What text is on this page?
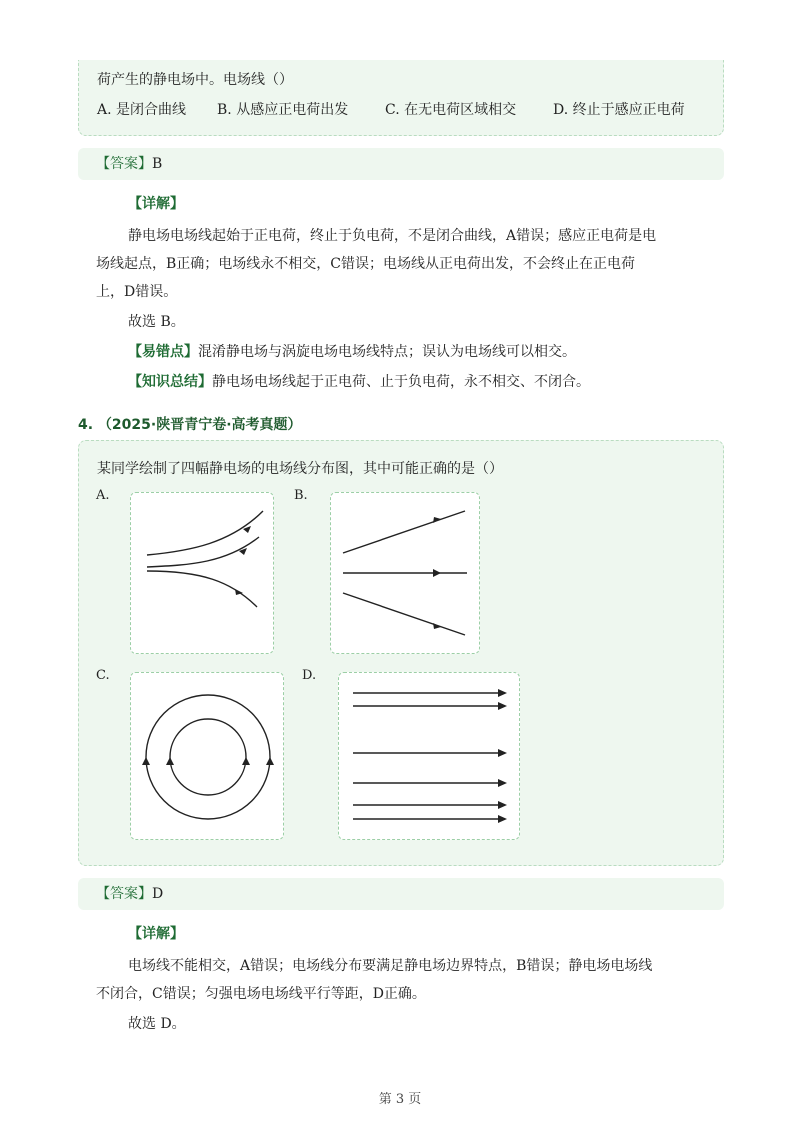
荷产生的静电场中。电场线（）
A. 是闭合曲线 B. 从感应正电荷出发	C. 在无电荷区域相交	D. 终止于感应正电荷
【答案】B
【详解】
静电场电场线起始于正电荷，终止于负电荷，不是闭合曲线，A错误；感应正电荷是电
场线起点，B正确；电场线永不相交，C错误；电场线从正电荷出发，不会终止在正电荷
上，D错误。
故选 B。
【易错点】混淆静电场与涡旋电场电场线特点；误认为电场线可以相交。
【知识总结】静电场电场线起于正电荷、止于负电荷，永不相交、不闭合。
4. （2025·陕晋青宁卷·高考真题）
某同学绘制了四幅静电场的电场线分布图，其中可能正确的是（）
A.	B.
C.	D.
【答案】D
【详解】
电场线不能相交，A错误；电场线分布要满足静电场边界特点，B错误；静电场电场线
不闭合，C错误；匀强电场电场线平行等距，D正确。
故选 D。
第 3 页
